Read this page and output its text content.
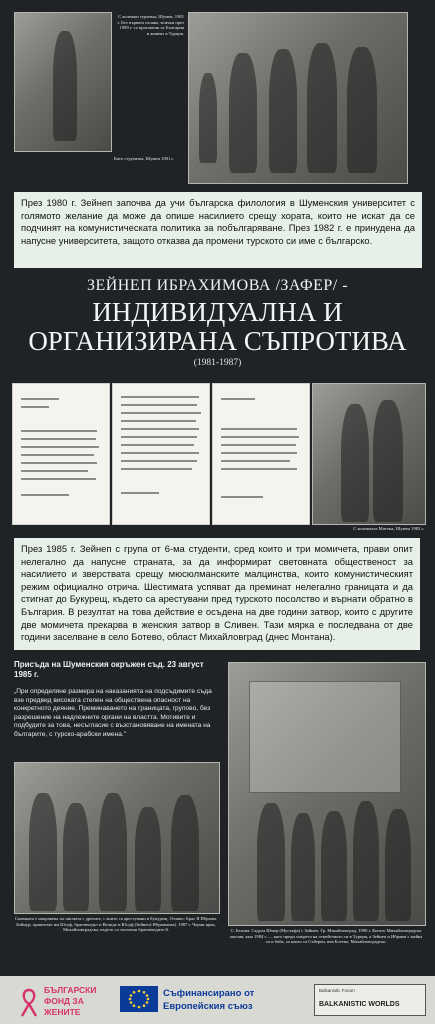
Като студентка, Шумен 1981 г.
С колежки туризъм, Шумен, 1981 г. Без първата отляво, всички през 1989 г. са прогонени от България и живеят в Турция.
През 1980 г. Зейнеп започва да учи българска филология в Шуменския университет с голямото желание да може да опише насилието срещу хората, които не искат да се подчинят на комунистическата политика за побългаряване. През 1982 г. е принудена да напусне университета, защото отказва да промени турското си име с българско.
ЗЕЙНЕП ИБРАХИМОВА /ЗАФЕР/ -
ИНДИВИДУАЛНА И
ОРГАНИЗИРАНА СЪПРОТИВА
(1981-1987)
С колежката Мигена, Шумен 1982 г.
През 1985 г. Зейнеп с група от 6-ма студенти, сред които и три момичета, прави опит нелегално да напусне страната, за да информират световната общественост за насилието и зверствата срещу мюсюлманските малцинства, които комунистическият режим официално отрича. Шестимата успяват да преминат нелегално границата и да стигнат до Букурещ, където са арестувани пред турското посолство и върнати обратно в България. В резултат на това действие е осъдена на две години затвор, които с другите две момичета прекарва в женския затвор в Сливен. Тази мярка е последвана от две години заселване в село Ботево, област Михайловград (днес Монтана).
Присъда на Шуменския окръжен съд. 23 август 1985 г.
„При определяне размера на наказанията на подсъдимите съда взе предвид високата степен на обществена опасност на конкретното деяние. Преминаването на границата, групово, без разрешение на надлежните органи на властта. Мотивите и подбудите за това, несъгласие с възстановяване на имената на българите, с турско-арабски имена."
Снимката е направена по писмата с дрехите, с които са арестувани в Букурещ. Отляво: Брас Я Ибраим, Бейнур, приятелят им Юсуф, братовчедът в Велиде и Юсуф (Зейнеп) Ибраимова). 1987 г. Черни ярък, Михайловградско, където са заселени братовчедите й.	С. Бехова. Садула Юмер (Мустафа) с Зейнеп. Гр. Михайловград, 1990 г. Когато Михайловградска околия, към 1984 г. — като преди смъртта на семейството си в Турция, а Зейнеп и Ибраим с майка си и баба, за които са Съберен, във Ботево, Михайловградско.
БЪЛГАРСКИ
ФОНД ЗА
ЖЕНИТЕ
Съфинансирано от
Европейския съюз
Balkanistic Forum
BALKANISTIC WORLDS
